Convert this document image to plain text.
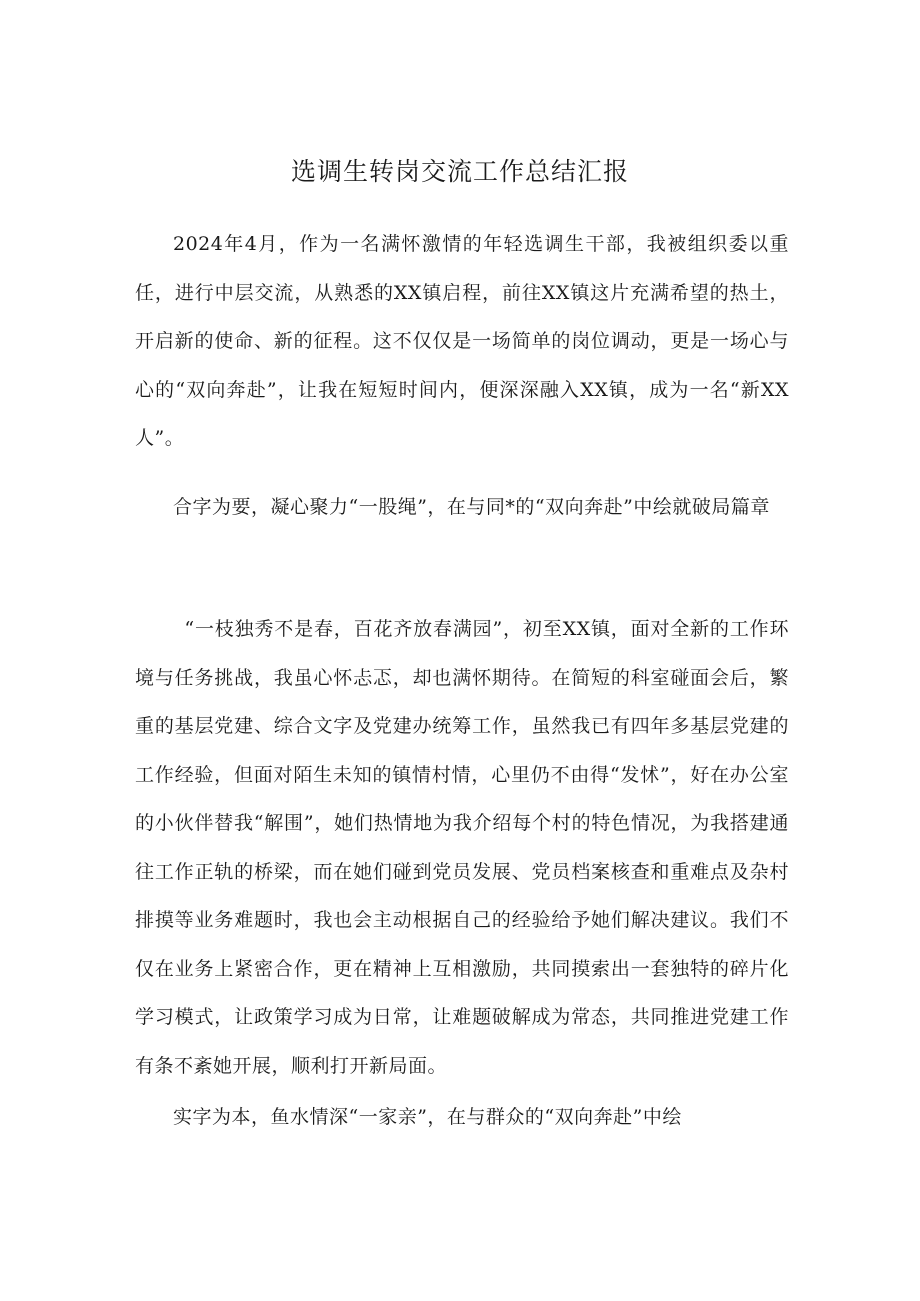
选调生转岗交流工作总结汇报

2024年4月，作为一名满怀激情的年轻选调生干部，我被组织委以重任，进行中层交流，从熟悉的XX镇启程，前往XX镇这片充满希望的热土，开启新的使命、新的征程。这不仅仅是一场简单的岗位调动，更是一场心与心的“双向奔赴”，让我在短短时间内，便深深融入XX镇，成为一名“新XX人”。

合字为要，凝心聚力“一股绳”，在与同*的“双向奔赴”中绘就破局篇章

“一枝独秀不是春，百花齐放春满园”，初至XX镇，面对全新的工作环境与任务挑战，我虽心怀忐忑，却也满怀期待。在简短的科室碰面会后，繁重的基层党建、综合文字及党建办统筹工作，虽然我已有四年多基层党建的工作经验，但面对陌生未知的镇情村情，心里仍不由得“发怵”，好在办公室的小伙伴替我“解围”，她们热情地为我介绍每个村的特色情况，为我搭建通往工作正轨的桥梁，而在她们碰到党员发展、党员档案核查和重难点及杂村排摸等业务难题时，我也会主动根据自己的经验给予她们解决建议。我们不仅在业务上紧密合作，更在精神上互相激励，共同摸索出一套独特的碎片化学习模式，让政策学习成为日常，让难题破解成为常态，共同推进党建工作有条不紊她开展，顺利打开新局面。

实字为本，鱼水情深“一家亲”，在与群众的“双向奔赴”中绘
